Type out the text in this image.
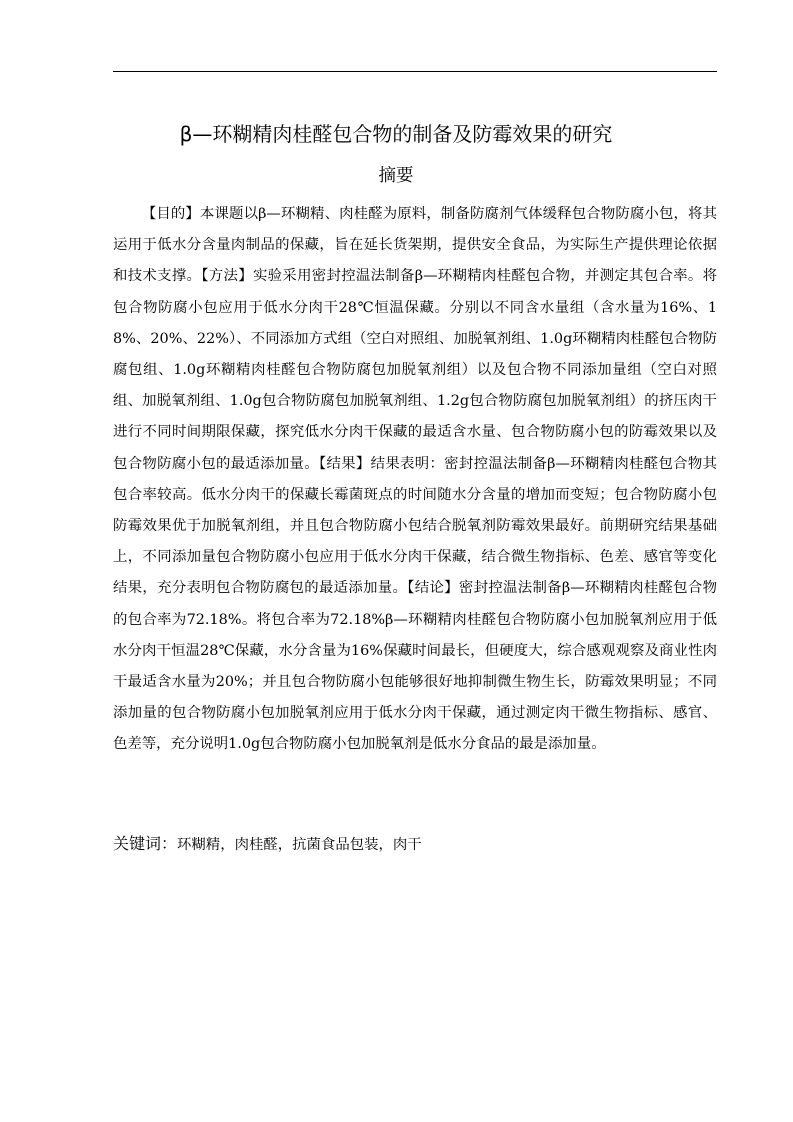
β—环糊精肉桂醛包合物的制备及防霉效果的研究
摘要

【目的】本课题以β—环糊精、肉桂醛为原料，制备防腐剂气体缓释包合物防腐小包，将其运用于低水分含量肉制品的保藏，旨在延长货架期，提供安全食品，为实际生产提供理论依据和技术支撑。【方法】实验采用密封控温法制备β—环糊精肉桂醛包合物，并测定其包合率。将包合物防腐小包应用于低水分肉干28℃恒温保藏。分别以不同含水量组（含水量为16%、18%、20%、22%）、不同添加方式组（空白对照组、加脱氧剂组、1.0g环糊精肉桂醛包合物防腐包组、1.0g环糊精肉桂醛包合物防腐包加脱氧剂组）以及包合物不同添加量组（空白对照组、加脱氧剂组、1.0g包合物防腐包加脱氧剂组、1.2g包合物防腐包加脱氧剂组）的挤压肉干进行不同时间期限保藏，探究低水分肉干保藏的最适含水量、包合物防腐小包的防霉效果以及包合物防腐小包的最适添加量。【结果】结果表明：密封控温法制备β—环糊精肉桂醛包合物其包合率较高。低水分肉干的保藏长霉菌斑点的时间随水分含量的增加而变短；包合物防腐小包防霉效果优于加脱氧剂组，并且包合物防腐小包结合脱氧剂防霉效果最好。前期研究结果基础上，不同添加量包合物防腐小包应用于低水分肉干保藏，结合微生物指标、色差、感官等变化结果，充分表明包合物防腐包的最适添加量。【结论】密封控温法制备β—环糊精肉桂醛包合物的包合率为72.18%。将包合率为72.18%β—环糊精肉桂醛包合物防腐小包加脱氧剂应用于低水分肉干恒温28℃保藏，水分含量为16%保藏时间最长，但硬度大，综合感观观察及商业性肉干最适含水量为20%；并且包合物防腐小包能够很好地抑制微生物生长，防霉效果明显；不同添加量的包合物防腐小包加脱氧剂应用于低水分肉干保藏，通过测定肉干微生物指标、感官、色差等，充分说明1.0g包合物防腐小包加脱氧剂是低水分食品的最是添加量。

关键词：环糊精，肉桂醛，抗菌食品包装，肉干
